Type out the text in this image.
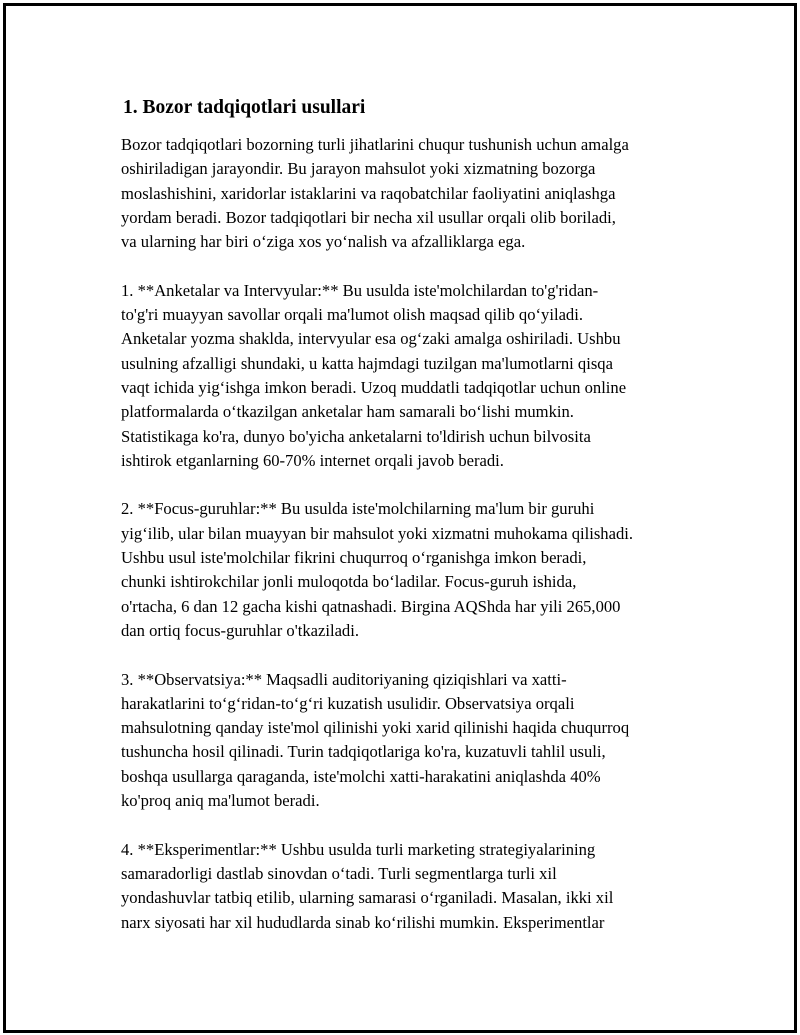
1. Bozor tadqiqotlari usullari

Bozor tadqiqotlari bozorning turli jihatlarini chuqur tushunish uchun amalga
oshiriladigan jarayondir. Bu jarayon mahsulot yoki xizmatning bozorga
moslashishini, xaridorlar istaklarini va raqobatchilar faoliyatini aniqlashga
yordam beradi. Bozor tadqiqotlari bir necha xil usullar orqali olib boriladi,
va ularning har biri o‘ziga xos yo‘nalish va afzalliklarga ega.

1. **Anketalar va Intervyular:** Bu usulda iste'molchilardan to'g'ridan-
to'g'ri muayyan savollar orqali ma'lumot olish maqsad qilib qo‘yiladi.
Anketalar yozma shaklda, intervyular esa og‘zaki amalga oshiriladi. Ushbu
usulning afzalligi shundaki, u katta hajmdagi tuzilgan ma'lumotlarni qisqa
vaqt ichida yig‘ishga imkon beradi. Uzoq muddatli tadqiqotlar uchun online
platformalarda o‘tkazilgan anketalar ham samarali bo‘lishi mumkin.
Statistikaga ko'ra, dunyo bo'yicha anketalarni to'ldirish uchun bilvosita
ishtirok etganlarning 60-70% internet orqali javob beradi.

2. **Focus-guruhlar:** Bu usulda iste'molchilarning ma'lum bir guruhi
yig‘ilib, ular bilan muayyan bir mahsulot yoki xizmatni muhokama qilishadi.
Ushbu usul iste'molchilar fikrini chuqurroq o‘rganishga imkon beradi,
chunki ishtirokchilar jonli muloqotda bo‘ladilar. Focus-guruh ishida,
o'rtacha, 6 dan 12 gacha kishi qatnashadi. Birgina AQShda har yili 265,000
dan ortiq focus-guruhlar o'tkaziladi.

3. **Observatsiya:** Maqsadli auditoriyaning qiziqishlari va xatti-
harakatlarini to‘g‘ridan-to‘g‘ri kuzatish usulidir. Observatsiya orqali
mahsulotning qanday iste'mol qilinishi yoki xarid qilinishi haqida chuqurroq
tushuncha hosil qilinadi. Turin tadqiqotlariga ko'ra, kuzatuvli tahlil usuli,
boshqa usullarga qaraganda, iste'molchi xatti-harakatini aniqlashda 40%
ko'proq aniq ma'lumot beradi.

4. **Eksperimentlar:** Ushbu usulda turli marketing strategiyalarining
samaradorligi dastlab sinovdan o‘tadi. Turli segmentlarga turli xil
yondashuvlar tatbiq etilib, ularning samarasi o‘rganiladi. Masalan, ikki xil
narx siyosati har xil hududlarda sinab ko‘rilishi mumkin. Eksperimentlar
